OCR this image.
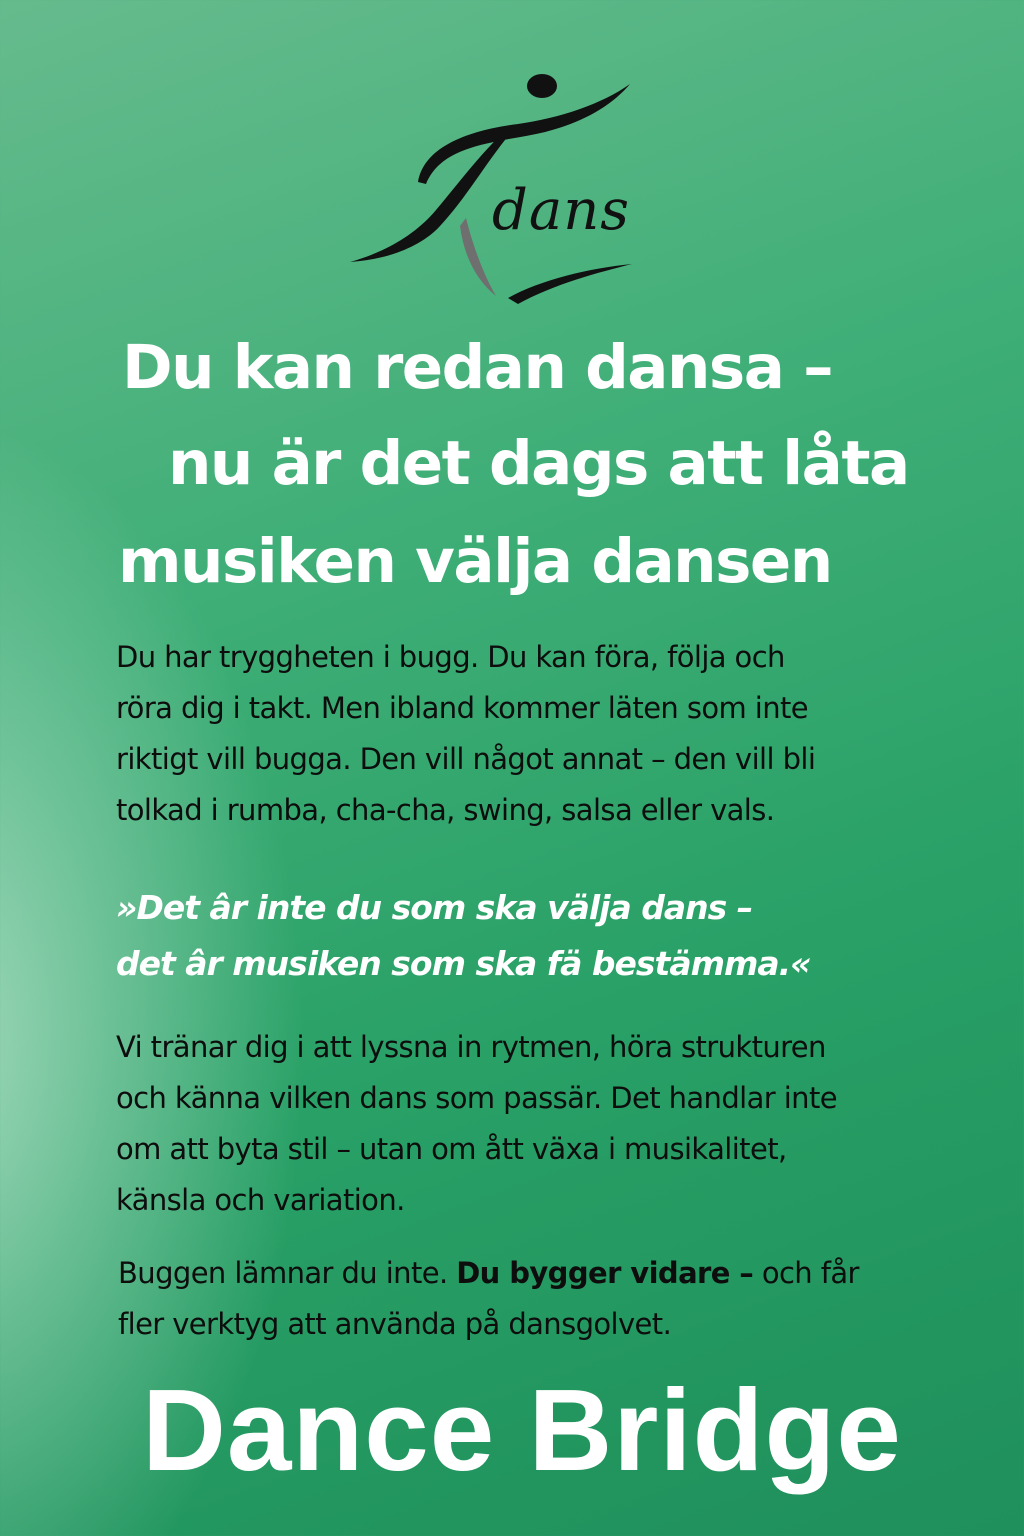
dans
Du kan redan dansa –
nu är det dags att låta
musiken välja dansen

Du har tryggheten i bugg. Du kan föra, följa och
röra dig i takt. Men ibland kommer läten som inte
riktigt vill bugga. Den vill något annat – den vill bli
tolkad i rumba, cha-cha, swing, salsa eller vals.

»Det âr inte du som ska välja dans –
det âr musiken som ska fä bestämma.«

Vi tränar dig i att lyssna in rytmen, höra strukturen
och känna vilken dans som passär. Det handlar inte
om att byta stil – utan om ått växa i musikalitet,
känsla och variation.

Buggen lämnar du inte. Du bygger vidare – och får
fler verktyg att använda på dansgolvet.

Dance Bridge
